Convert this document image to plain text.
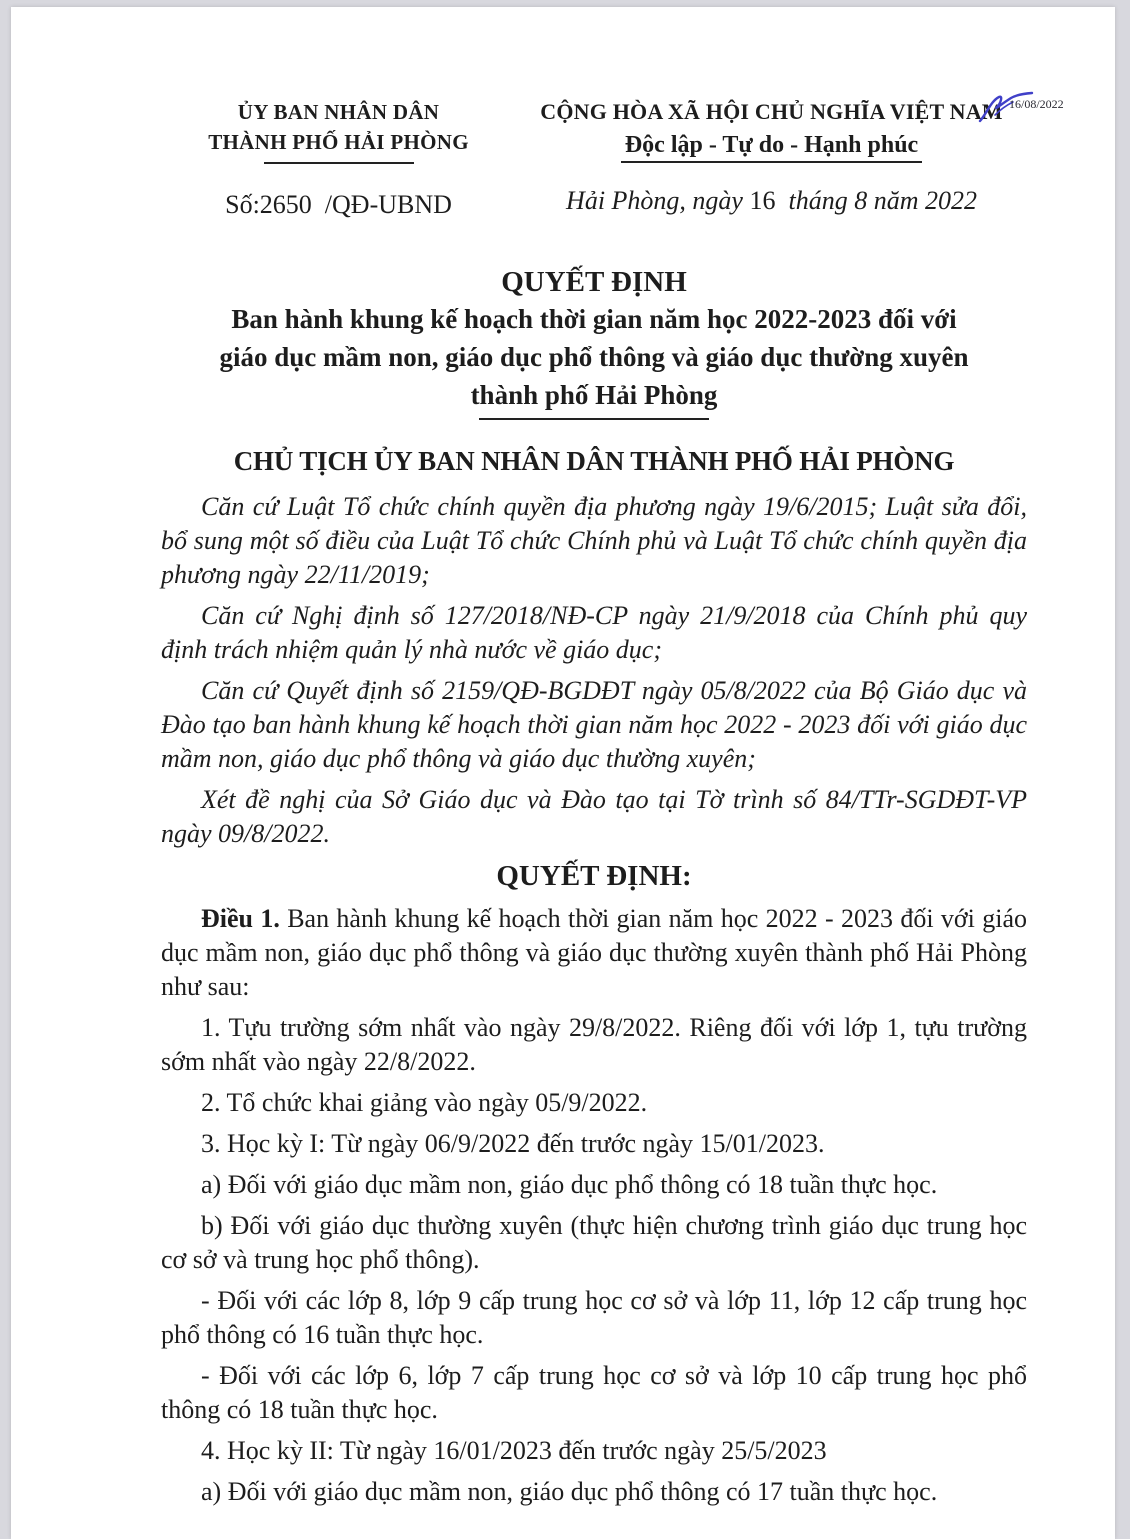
16/08/2022
ỦY BAN NHÂN DÂN
THÀNH PHỐ HẢI PHÒNG
Số:2650  /QĐ-UBND
CỘNG HÒA XÃ HỘI CHỦ NGHĨA VIỆT NAM
Độc lập - Tự do - Hạnh phúc
Hải Phòng, ngày 16  tháng 8 năm 2022
QUYẾT ĐỊNH
Ban hành khung kế hoạch thời gian năm học 2022-2023 đối với
giáo dục mầm non, giáo dục phổ thông và giáo dục thường xuyên
thành phố Hải Phòng
CHỦ TỊCH ỦY BAN NHÂN DÂN THÀNH PHỐ HẢI PHÒNG

Căn cứ Luật Tổ chức chính quyền địa phương ngày 19/6/2015; Luật sửa đổi, bổ sung một số điều của Luật Tổ chức Chính phủ và Luật Tổ chức chính quyền địa phương ngày 22/11/2019;

Căn cứ Nghị định số 127/2018/NĐ-CP ngày 21/9/2018 của Chính phủ quy định trách nhiệm quản lý nhà nước về giáo dục;

Căn cứ Quyết định số 2159/QĐ-BGDĐT ngày 05/8/2022 của Bộ Giáo dục và Đào tạo ban hành khung kế hoạch thời gian năm học 2022 - 2023 đối với giáo dục mầm non, giáo dục phổ thông và giáo dục thường xuyên;

Xét đề nghị của Sở Giáo dục và Đào tạo tại Tờ trình số 84/TTr-SGDĐT-VP ngày 09/8/2022.

QUYẾT ĐỊNH:

Điều 1. Ban hành khung kế hoạch thời gian năm học 2022 - 2023 đối với giáo dục mầm non, giáo dục phổ thông và giáo dục thường xuyên thành phố Hải Phòng như sau:

1. Tựu trường sớm nhất vào ngày 29/8/2022. Riêng đối với lớp 1, tựu trường sớm nhất vào ngày 22/8/2022.

2. Tổ chức khai giảng vào ngày 05/9/2022.

3. Học kỳ I: Từ ngày 06/9/2022 đến trước ngày 15/01/2023.

a) Đối với giáo dục mầm non, giáo dục phổ thông có 18 tuần thực học.

b) Đối với giáo dục thường xuyên (thực hiện chương trình giáo dục trung học cơ sở và trung học phổ thông).

- Đối với các lớp 8, lớp 9 cấp trung học cơ sở và lớp 11, lớp 12 cấp trung học phổ thông có 16 tuần thực học.

- Đối với các lớp 6, lớp 7 cấp trung học cơ sở và lớp 10 cấp trung học phổ thông có 18 tuần thực học.

4. Học kỳ II: Từ ngày 16/01/2023 đến trước ngày 25/5/2023

a) Đối với giáo dục mầm non, giáo dục phổ thông có 17 tuần thực học.
